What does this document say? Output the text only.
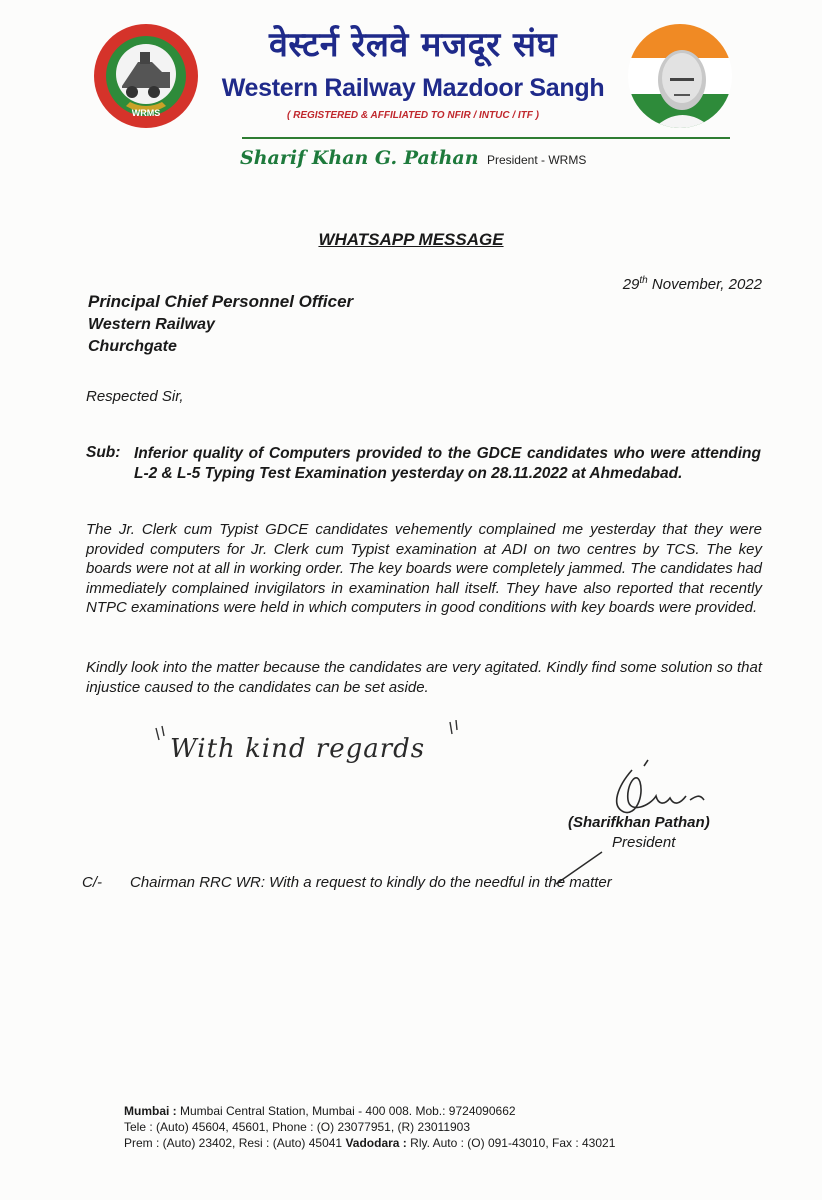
WRMS
वेस्टर्न रेलवे मजदूर संघ
Western Railway Mazdoor Sangh
( REGISTERED & AFFILIATED TO NFIR / INTUC / ITF )
Sharif Khan G. Pathan President - WRMS
WHATSAPP MESSAGE
29th November, 2022
Principal Chief Personnel Officer
Western Railway
Churchgate
Respected Sir,
Sub: Inferior quality of Computers provided to the GDCE candidates who were attending L-2 & L-5 Typing Test Examination yesterday on 28.11.2022 at Ahmedabad.
The Jr. Clerk cum Typist GDCE candidates vehemently complained me yesterday that they were provided computers for Jr. Clerk cum Typist examination at ADI on two centres by TCS. The key boards were not at all in working order. The key boards were completely jammed. The candidates had immediately complained invigilators in examination hall itself. They have also reported that recently NTPC examinations were held in which computers in good conditions with key boards were provided.
Kindly look into the matter because the candidates are very agitated. Kindly find some solution so that injustice caused to the candidates can be set aside.
With kind regards
(Sharifkhan Pathan)
President
C/- Chairman RRC WR: With a request to kindly do the needful in the matter
Mumbai : Mumbai Central Station, Mumbai - 400 008. Mob.: 9724090662
Tele : (Auto) 45604, 45601, Phone : (O) 23077951, (R) 23011903
Prem : (Auto) 23402, Resi : (Auto) 45041 Vadodara : Rly. Auto : (O) 091-43010, Fax : 43021
